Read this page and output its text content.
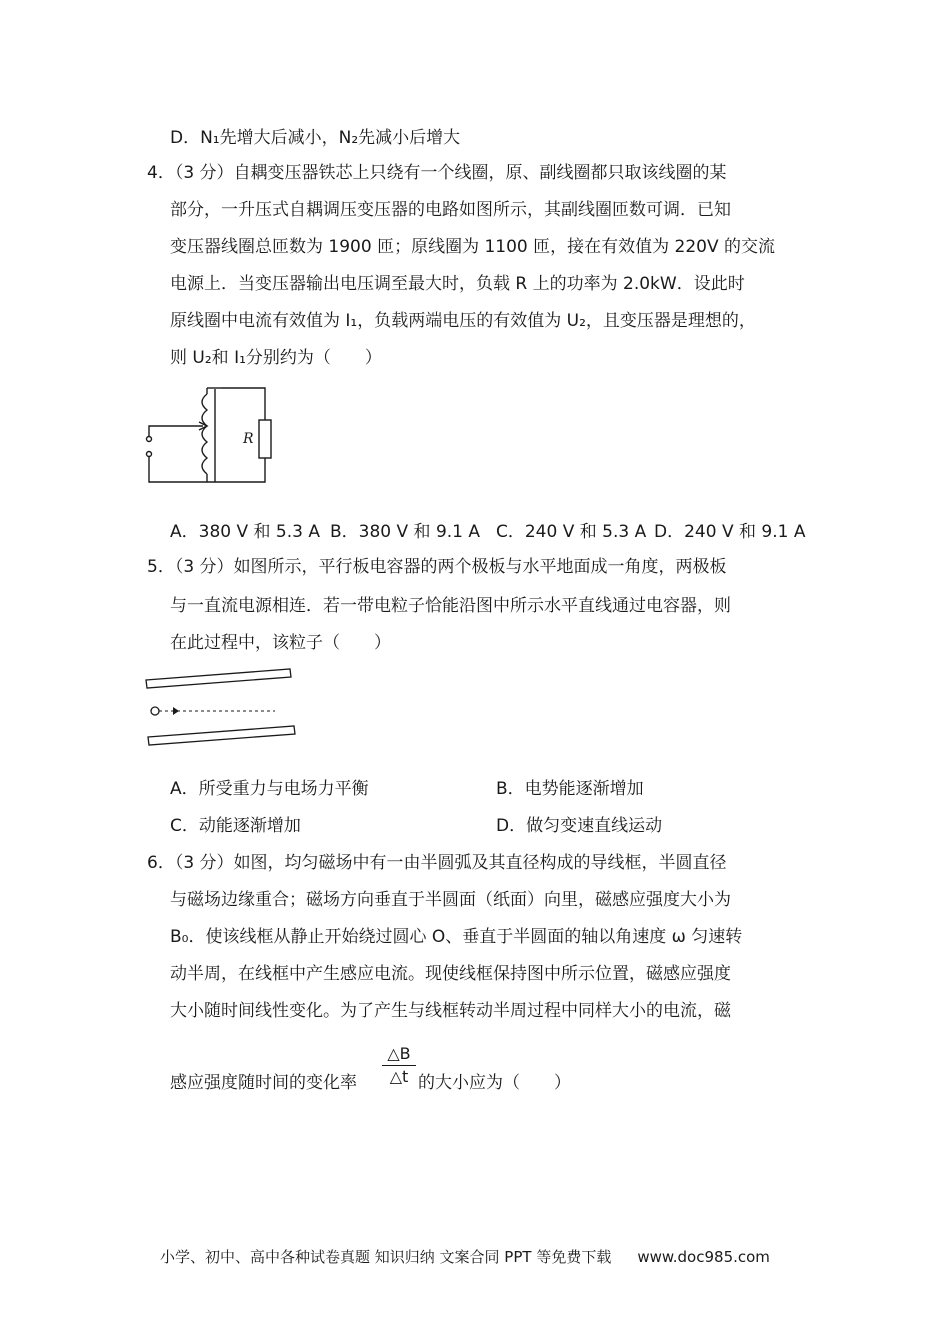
D．N₁先增大后减小，N₂先减小后增大
4．（3 分）自耦变压器铁芯上只绕有一个线圈，原、副线圈都只取该线圈的某
部分，一升压式自耦调压变压器的电路如图所示，其副线圈匝数可调．已知
变压器线圈总匝数为 1900 匝；原线圈为 1100 匝，接在有效值为 220V 的交流
电源上．当变压器输出电压调至最大时，负载 R 上的功率为 2.0kW．设此时
原线圈中电流有效值为 I₁，负载两端电压的有效值为 U₂，且变压器是理想的，
则 U₂和 I₁分别约为（　　）
R
A．380 V 和 5.3 A B．380 V 和 9.1 A C．240 V 和 5.3 A D．240 V 和 9.1 A
5．（3 分）如图所示，平行板电容器的两个极板与水平地面成一角度，两极板
与一直流电源相连．若一带电粒子恰能沿图中所示水平直线通过电容器，则
在此过程中，该粒子（　　）
A．所受重力与电场力平衡	B．电势能逐渐增加
C．动能逐渐增加	D．做匀变速直线运动
6．（3 分）如图，均匀磁场中有一由半圆弧及其直径构成的导线框，半圆直径
与磁场边缘重合；磁场方向垂直于半圆面（纸面）向里，磁感应强度大小为
B₀．使该线框从静止开始绕过圆心 O、垂直于半圆面的轴以角速度 ω 匀速转
动半周，在线框中产生感应电流。现使线框保持图中所示位置，磁感应强度
大小随时间线性变化。为了产生与线框转动半周过程中同样大小的电流，磁
感应强度随时间的变化率
△B
△t 的大小应为（　　）
小学、初中、高中各种试卷真题 知识归纳 文案合同 PPT 等免费下载 www.doc985.com
